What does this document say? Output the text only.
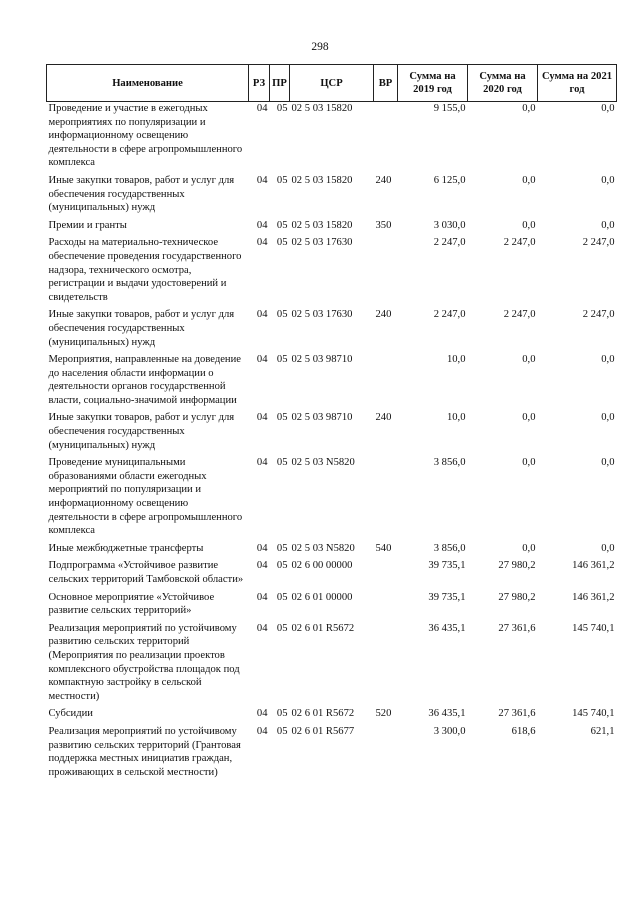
298
Наименование	РЗ	ПР	ЦСР	ВР	Сумма на 2019 год	Сумма на 2020 год	Сумма на 2021 год
Проведение и участие в ежегодных мероприятиях по популяризации и информационному освещению деятельности в сфере агропромышленного комплекса	04	05	02 5 03 15820		9 155,0	0,0	0,0
Иные закупки товаров, работ и услуг для обеспечения государственных (муниципальных) нужд	04	05	02 5 03 15820	240	6 125,0	0,0	0,0
Премии и гранты	04	05	02 5 03 15820	350	3 030,0	0,0	0,0
Расходы на материально-техническое обеспечение проведения государственного надзора, технического осмотра, регистрации и выдачи удостоверений и свидетельств	04	05	02 5 03 17630		2 247,0	2 247,0	2 247,0
Иные закупки товаров, работ и услуг для обеспечения государственных (муниципальных) нужд	04	05	02 5 03 17630	240	2 247,0	2 247,0	2 247,0
Мероприятия, направленные на доведение до населения области информации о деятельности органов государственной власти, социально-значимой информации	04	05	02 5 03 98710		10,0	0,0	0,0
Иные закупки товаров, работ и услуг для обеспечения государственных (муниципальных) нужд	04	05	02 5 03 98710	240	10,0	0,0	0,0
Проведение муниципальными образованиями области ежегодных мероприятий по популяризации и информационному освещению деятельности в сфере агропромышленного комплекса	04	05	02 5 03 N5820		3 856,0	0,0	0,0
Иные межбюджетные трансферты	04	05	02 5 03 N5820	540	3 856,0	0,0	0,0
Подпрограмма «Устойчивое развитие сельских территорий Тамбовской области»	04	05	02 6 00 00000		39 735,1	27 980,2	146 361,2
Основное мероприятие «Устойчивое развитие сельских территорий»	04	05	02 6 01 00000		39 735,1	27 980,2	146 361,2
Реализация мероприятий по устойчивому развитию сельских территорий (Мероприятия по реализации проектов комплексного обустройства площадок под компактную застройку в сельской местности)	04	05	02 6 01 R5672		36 435,1	27 361,6	145 740,1
Субсидии	04	05	02 6 01 R5672	520	36 435,1	27 361,6	145 740,1
Реализация мероприятий по устойчивому развитию сельских территорий (Грантовая поддержка местных инициатив граждан, проживающих в сельской местности)	04	05	02 6 01 R5677		3 300,0	618,6	621,1
